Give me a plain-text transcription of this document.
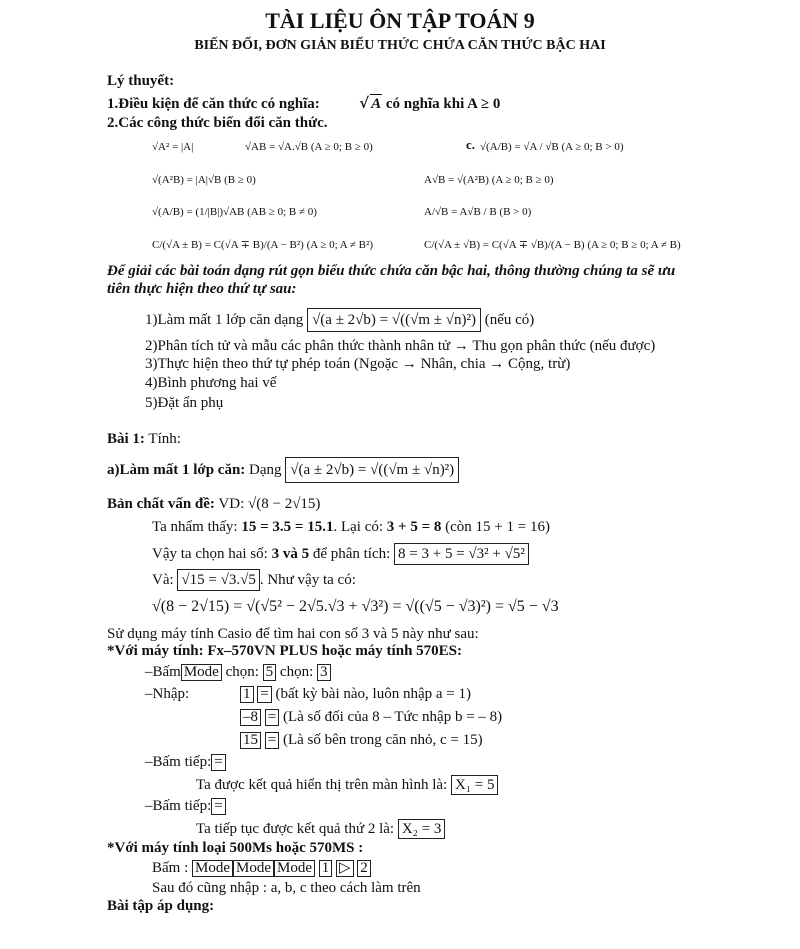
TÀI LIỆU ÔN TẬP TOÁN 9
BIẾN ĐỔI, ĐƠN GIẢN BIỂU THỨC CHỨA CĂN THỨC BẬC HAI
Lý thuyết:
1.Điều kiện để căn thức có nghĩa:	√ A có nghĩa khi A ≥ 0
2.Các công thức biến đổi căn thức.
√A² = |A|	√AB = √A.√B (A ≥ 0; B ≥ 0)	c. √(A/B) = √A / √B (A ≥ 0; B > 0)
√(A²B) = |A|√B (B ≥ 0)	A√B = √(A²B) (A ≥ 0; B ≥ 0)
√(A/B) = (1/|B|)√AB (AB ≥ 0; B ≠ 0)	A/√B = A√B / B (B > 0)
C/(√A ± B) = C(√A ∓ B)/(A − B²) (A ≥ 0; A ≠ B²)	C/(√A ± √B) = C(√A ∓ √B)/(A − B) (A ≥ 0; B ≥ 0; A ≠ B)
Để giải các bài toán dạng rút gọn biểu thức chứa căn bậc hai, thông thường chúng ta sẽ ưu
tiên thực hiện theo thứ tự sau:
1)Làm mất 1 lớp căn dạng √(a ± 2√b) = √((√m ± √n)²) (nếu có)
2)Phân tích tử và mẫu các phân thức thành nhân tử → Thu gọn phân thức (nếu được)
3)Thực hiện theo thứ tự phép toán (Ngoặc → Nhân, chia → Cộng, trừ)
4)Bình phương hai vế
5)Đặt ẩn phụ
Bài 1: Tính:
a)Làm mất 1 lớp căn: Dạng √(a ± 2√b) = √((√m ± √n)²)
Bản chất vấn đề: VD: √(8 − 2√15)
Ta nhẩm thấy: 15 = 3.5 = 15.1. Lại có: 3 + 5 = 8 (còn 15 + 1 = 16)
Vậy ta chọn hai số: 3 và 5 để phân tích: 8 = 3 + 5 = √3² + √5²
Và: √15 = √3.√5 . Như vậy ta có:
√(8 − 2√15) = √(√5² − 2√5.√3 + √3²) = √((√5 − √3)²) = √5 − √3
Sử dụng máy tính Casio để tìm hai con số 3 và 5 này như sau:
*Với máy tính: Fx–570VN PLUS hoặc máy tính 570ES:
–Bấm Mode chọn: 5 chọn: 3
–Nhập:	1 = (bất kỳ bài nào, luôn nhập a = 1)
–8 = (Là số đối của 8 – Tức nhập b = – 8)
15 = (Là số bên trong căn nhỏ, c = 15)
–Bấm tiếp: =
Ta được kết quả hiển thị trên màn hình là: X₁ = 5
–Bấm tiếp: =
Ta tiếp tục được kết quả thứ 2 là: X₂ = 3
*Với máy tính loại 500Ms hoặc 570MS :
Bấm : Mode Mode Mode 1 ▷ 2
Sau đó cũng nhập : a, b, c theo cách làm trên
Bài tập áp dụng:
